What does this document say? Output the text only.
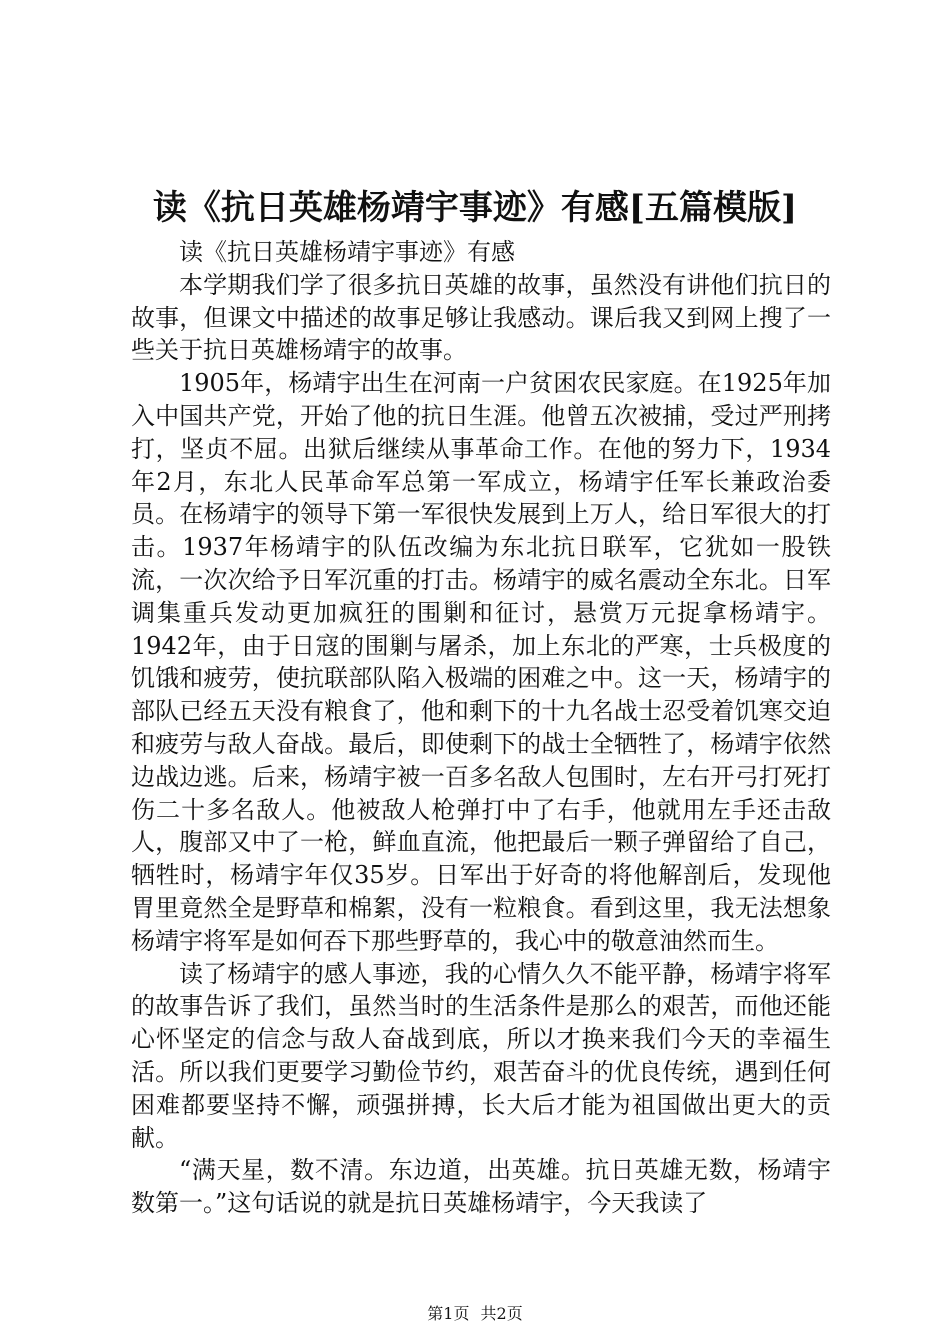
读《抗日英雄杨靖宇事迹》有感[五篇模版]

读《抗日英雄杨靖宇事迹》有感

本学期我们学了很多抗日英雄的故事，虽然没有讲他们抗日的故事，但课文中描述的故事足够让我感动。课后我又到网上搜了一些关于抗日英雄杨靖宇的故事。

1905年，杨靖宇出生在河南一户贫困农民家庭。在1925年加入中国共产党，开始了他的抗日生涯。他曾五次被捕，受过严刑拷打，坚贞不屈。出狱后继续从事革命工作。在他的努力下，1934年2月，东北人民革命军总第一军成立，杨靖宇任军长兼政治委员。在杨靖宇的领导下第一军很快发展到上万人，给日军很大的打击。1937年杨靖宇的队伍改编为东北抗日联军，它犹如一股铁流，一次次给予日军沉重的打击。杨靖宇的威名震动全东北。日军调集重兵发动更加疯狂的围剿和征讨，悬赏万元捉拿杨靖宇。1942年，由于日寇的围剿与屠杀，加上东北的严寒，士兵极度的饥饿和疲劳，使抗联部队陷入极端的困难之中。这一天，杨靖宇的部队已经五天没有粮食了，他和剩下的十九名战士忍受着饥寒交迫和疲劳与敌人奋战。最后，即使剩下的战士全牺牲了，杨靖宇依然边战边逃。后来，杨靖宇被一百多名敌人包围时，左右开弓打死打伤二十多名敌人。他被敌人枪弹打中了右手，他就用左手还击敌人，腹部又中了一枪，鲜血直流，他把最后一颗子弹留给了自己，牺牲时，杨靖宇年仅35岁。日军出于好奇的将他解剖后，发现他胃里竟然全是野草和棉絮，没有一粒粮食。看到这里，我无法想象杨靖宇将军是如何吞下那些野草的，我心中的敬意油然而生。

读了杨靖宇的感人事迹，我的心情久久不能平静，杨靖宇将军的故事告诉了我们，虽然当时的生活条件是那么的艰苦，而他还能心怀坚定的信念与敌人奋战到底，所以才换来我们今天的幸福生活。所以我们更要学习勤俭节约，艰苦奋斗的优良传统，遇到任何困难都要坚持不懈，顽强拼搏，长大后才能为祖国做出更大的贡献。

“满天星，数不清。东边道，出英雄。抗日英雄无数，杨靖宇数第一。”这句话说的就是抗日英雄杨靖宇，今天我读了

第1页 共2页
